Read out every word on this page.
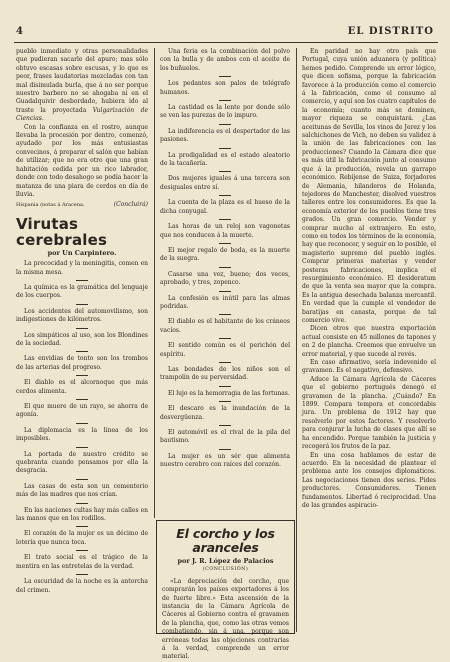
4	EL DISTRITO

pueblo inmediato y otras personalidades que pudieran sacarle del apuro; mas sólo obtuvo escasas sobre escusas, y lo que es peor, frases laudatorias mezcladas con tan mal disimulada burla, que á no ser porque nuestro barbero no se ahogaba ni en el Guadalquivir desbordado, hubiera ido al traste la proyectada Vulgarización de Ciencias.

Con la confianza en el rostro, aunque llevaba la procesión por dentro, comenzó, ayudado por los más entusiastas convecinos, á preparar el salón que habían de utilizar; que no era otro que una gran habitación cedida por un rico labrador, donde con todo desahogo se podía hacer la matanza de una piara de cerdos en día de lluvia.

Hispania (notas á Aracena.	(Concluirá)
Virutas cerebrales
por Un Carpintero.

La precocidad y la meningitis, comen en la misma mesa.

La química es la gramática del lenguaje de los cuerpos.

Los accidentes del automovilismo, son indigestiones de kilómetros.

Los simpáticos al uso, son los Blondines de la sociedad.

Las envidias de tonto son los trombos de las arterias del progreso.

El diablo es el alcornoque que más cerdos alimenta.

El que muere de un rayo, se ahorra de agonía.

La diplomacia es la línea de los imposibles.

La portada de nuestro crédito se quebranta cuando pensamos por ella la desgracia.

Las casas de esta son un cementerio más de las madres que nos crían.

En las naciones cultas hay más calles en las manos que en los rodillos.

El corazón de la mujer es un décimo de lotería que nunca toca.

El trato social es el trágico de la mentira en las entretelas de la verdad.

La oscuridad de la noche es la antorcha del crimen.

Una feria es la combinación del polvo con la bulla y de ambos con el aceite de los buñuelos.

Los pedantes son palos de telégrafo humanos.

La castidad es la lente por donde sólo se ven las purezas de lo impuro.

La indiferencia es el despertador de las pasiones.

La prodigalidad es el estado aleatorio de la tacañería.

Dos mujeres iguales á una tercera son desiguales entre sí.

La cuenta de la plaza es el hueso de la dicha conyugal.

Las horas de un reloj son vagonetas que nos conducen á la muerte.

El mejor regalo de boda, es la muerte de la suegra.

Casarse una vez, bueno; dos veces, aprobado, y tres, zopenco.

La confesión es inútil para las almas podridas.

El diablo es el habitante de los cráneos vacíos.

El sentido común es el perichón del espíritu.

Las bondades de los niños son el trampolín de su perversidad.

El lujo es la hemorragia de las fortunas.

El descaro es la inundación de la desvergüenza.

El automóvil es el rival de la pila del bautismo.

La mujer es un sér que alimenta nuestro cerebro con raíces del corazón.

El corcho y los aranceles
por J. R. López de Palacios
(CONCLUSIÓN)

«La depreciación del corcho, que comprarán los países exportadores á los de fuerte libre.» Esta ascensión de la instancia de la Cámara Agrícola de Cáceres al Gobierno contra el gravamen de la plancha, que, como las otras vemos combatiendo, sin á una, porque son erróneas todas las objeciones contrarias á la verdad, comprende un error material.

En paridad no hay otro país que Portugal, cuya unión aduanera (y política) hemos pedido. Comprende un error lógico, que dicen sofisma, porque la fabricación favorece á la producción como el comercio á la fabricación, como el consumo al comercio, y aquí son los cuatro capítulos de la economía; cuanto más se dominen, mayor riqueza se conquistará. ¿Las aceitunas de Sevilla, los vinos de Jerez y los salchichones de Vich, no deben su validez á la unión de las fabricaciones con las producciones? Cuando la Cámara dice que es más útil la fabricación junto al consumo que á la producción, revela un garrapo económico. Rebíjense de Suiza, forjadores de Alemania, hilanderos de Holanda, tejedores de Manchester, disolved vuestros talleres entre los consumidores. Es que la economía exterior de los pueblos tiene tres grados. Un gran comercio. Vender y comprar mucho al extranjero. En esto, como en todos los términos de la economía, hay que reconocer, y seguir en lo posible, el magisterio supremo del pueblo inglés. Comprar primeras materias y vender posteras fabricaciones, implica el resurgimiento económico. El desideratum de que la venta sea mayor que la compra. Es la antigua desechada balanza mercantil. En verdad que la cumple el vendedor de baratijas en canasta, porque de tal comercio vive.

Dicen otros que nuestra exportación actual consiste en 45 millones de tapones y en 2 de plancha. Creemos que envuelve un error material, y que sucede al revés.

En caso afirmativo, sería indevenido el gravamen. Es el negativo, defensivo.

Aduce la Cámara Agrícola de Cáceres que el gobierno portugués denegó el gravamen de la plancha. ¿Cuándo? En 1899. Compara tempora et concordabis jura. Un problema de 1912 hay que resolverlo por estos factores. Y resolverlo para conjurar la lucha de clases que allí se ha encendido. Porque también la justicia y recogerá los frutos de la paz.

En una cosa hablamos de estar de acuerdo. En la necesidad de plantear el problema ante los consejos diplomáticos. Las negociaciones tienen dos series. Pides productores. Consumidores. Tienen fundamentos. Libertad ó reciprocidad. Una de las grandes aspiracio-
